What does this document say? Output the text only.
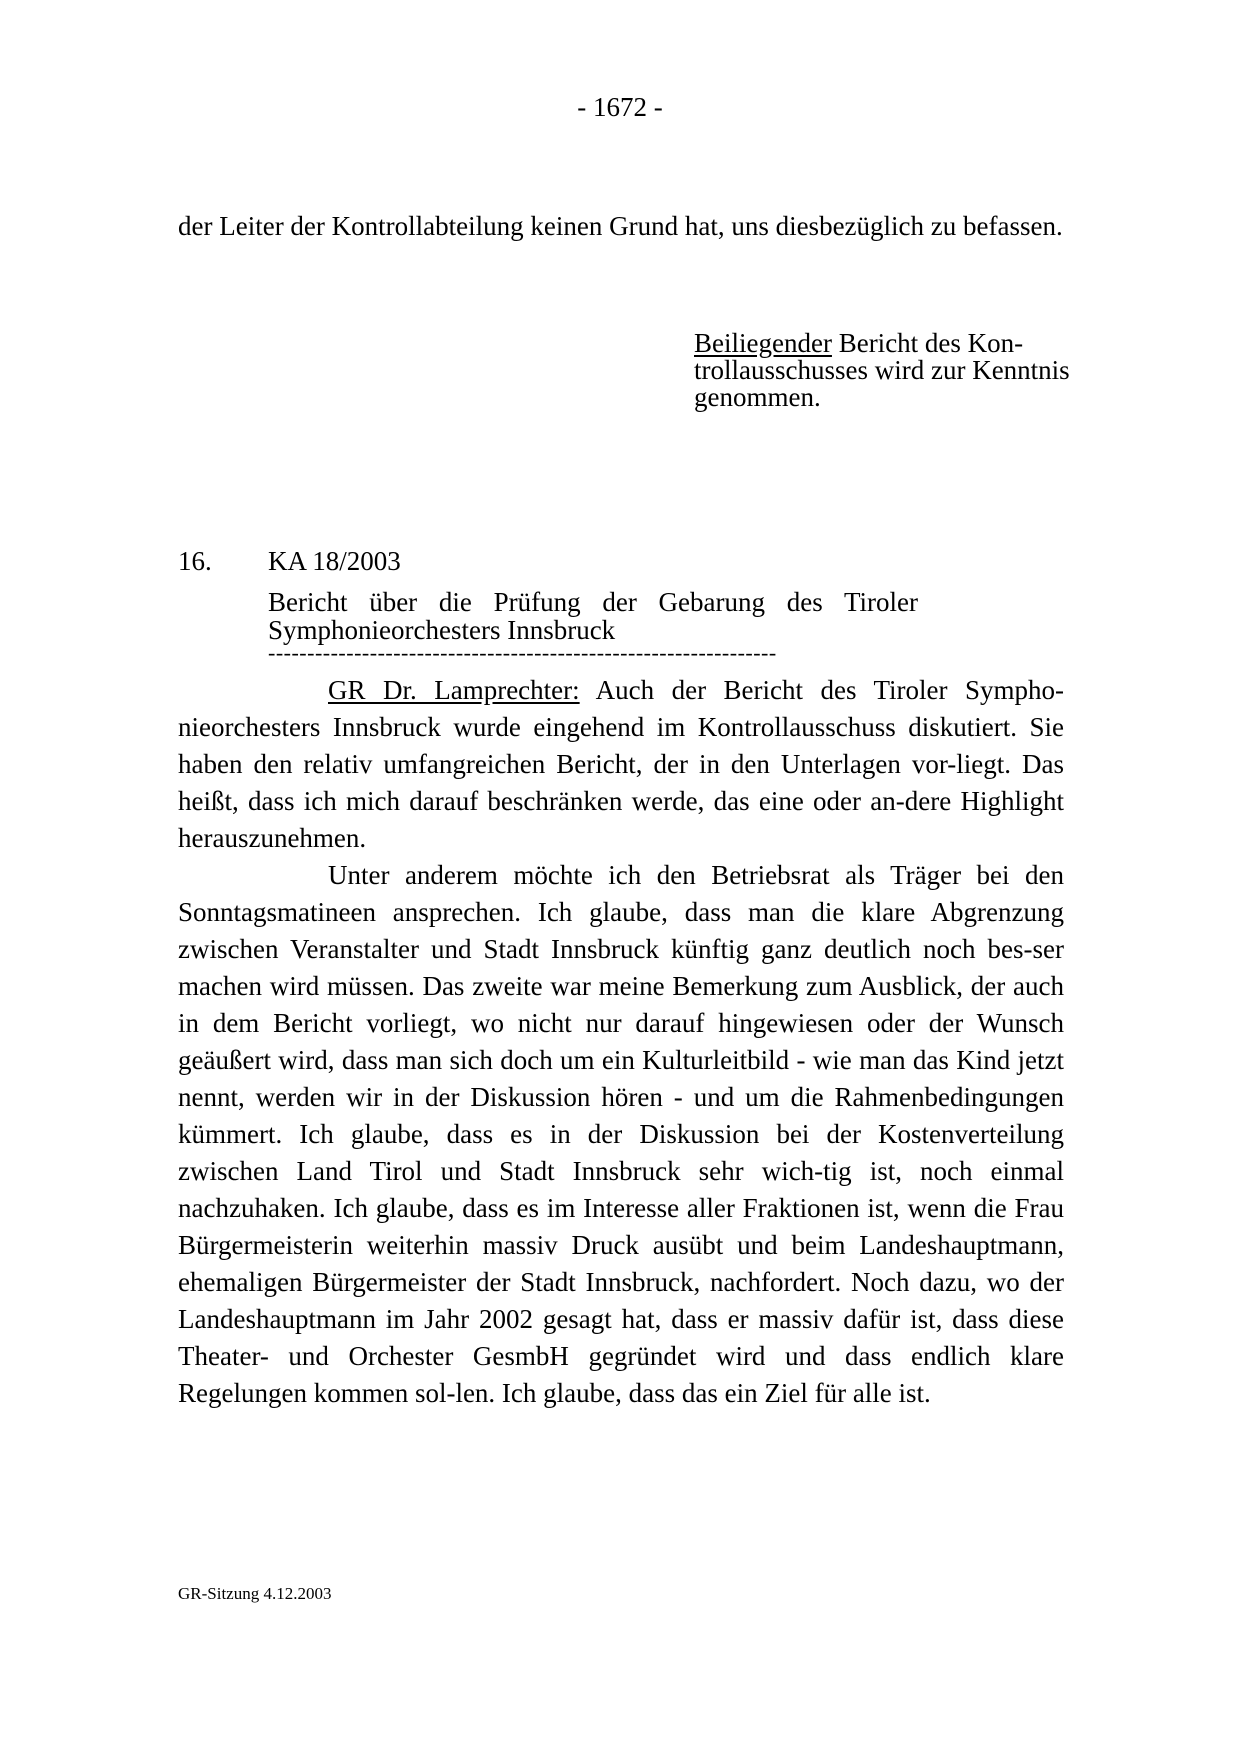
- 1672 -

der Leiter der Kontrollabteilung keinen Grund hat, uns diesbezüglich zu befassen.

Beiliegender Bericht des Kon-trollausschusses wird zur Kenntnis genommen.

16. KA 18/2003

Bericht über die Prüfung der Gebarung des Tiroler Symphonieorchesters Innsbruck

-----------------------------------------------------------------

GR Dr. Lamprechter: Auch der Bericht des Tiroler Sympho-nieorchesters Innsbruck wurde eingehend im Kontrollausschuss diskutiert. Sie haben den relativ umfangreichen Bericht, der in den Unterlagen vor-liegt. Das heißt, dass ich mich darauf beschränken werde, das eine oder an-dere Highlight herauszunehmen.

Unter anderem möchte ich den Betriebsrat als Träger bei den Sonntagsmatineen ansprechen. Ich glaube, dass man die klare Abgrenzung zwischen Veranstalter und Stadt Innsbruck künftig ganz deutlich noch bes-ser machen wird müssen. Das zweite war meine Bemerkung zum Ausblick, der auch in dem Bericht vorliegt, wo nicht nur darauf hingewiesen oder der Wunsch geäußert wird, dass man sich doch um ein Kulturleitbild - wie man das Kind jetzt nennt, werden wir in der Diskussion hören - und um die Rahmenbedingungen kümmert. Ich glaube, dass es in der Diskussion bei der Kostenverteilung zwischen Land Tirol und Stadt Innsbruck sehr wich-tig ist, noch einmal nachzuhaken. Ich glaube, dass es im Interesse aller Fraktionen ist, wenn die Frau Bürgermeisterin weiterhin massiv Druck ausübt und beim Landeshauptmann, ehemaligen Bürgermeister der Stadt Innsbruck, nachfordert. Noch dazu, wo der Landeshauptmann im Jahr 2002 gesagt hat, dass er massiv dafür ist, dass diese Theater- und Orchester GesmbH gegründet wird und dass endlich klare Regelungen kommen sol-len. Ich glaube, dass das ein Ziel für alle ist.

GR-Sitzung 4.12.2003
